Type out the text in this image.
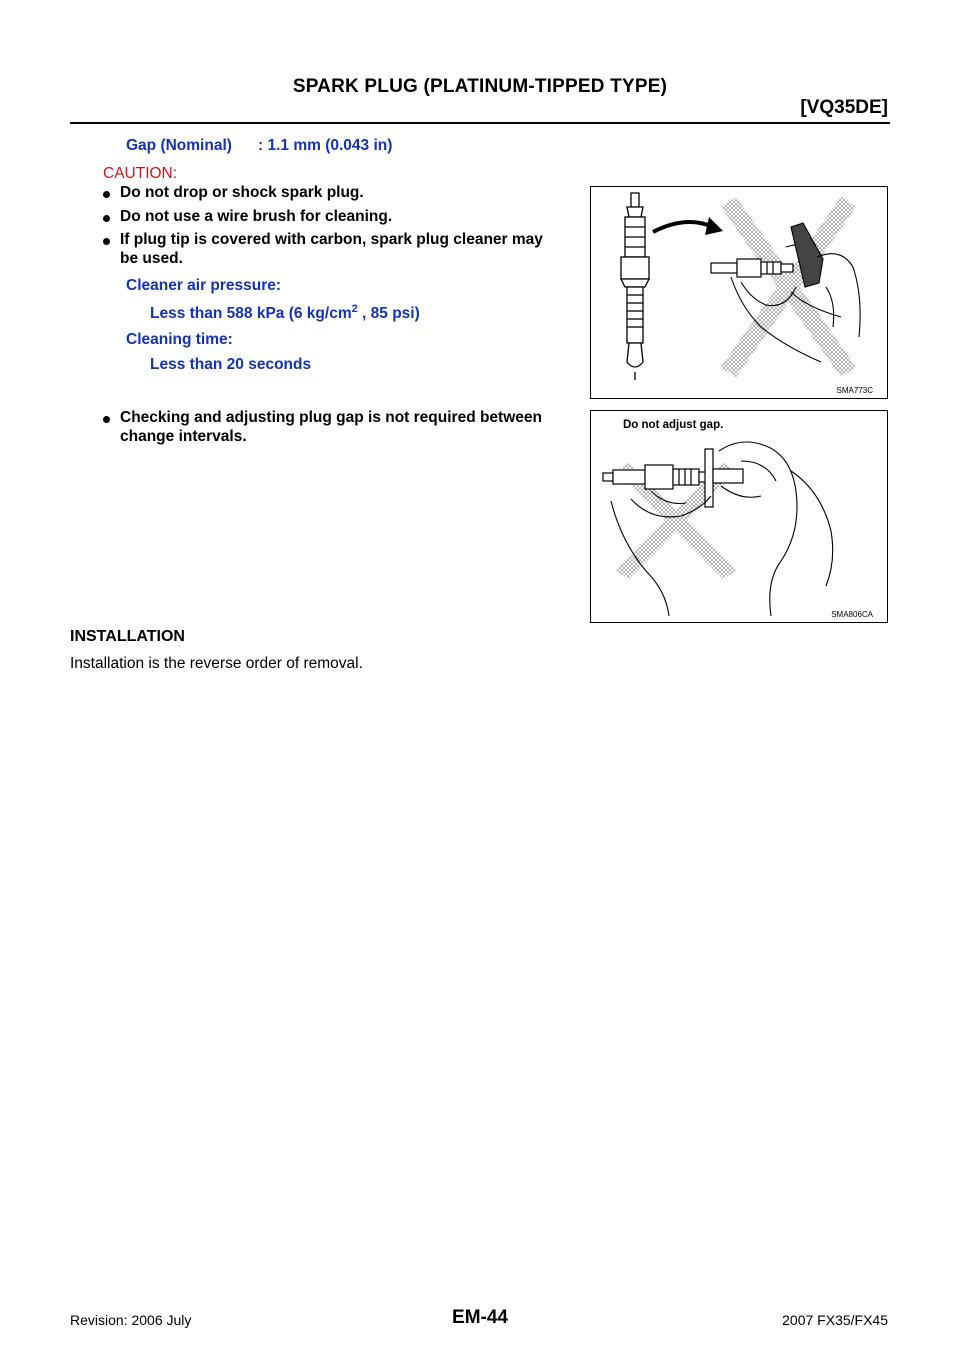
SPARK PLUG (PLATINUM-TIPPED TYPE)
[VQ35DE]
Gap (Nominal) : 1.1 mm (0.043 in)
CAUTION:
Do not drop or shock spark plug.
Do not use a wire brush for cleaning.
If plug tip is covered with carbon, spark plug cleaner may
be used.
Cleaner air pressure:
Less than 588 kPa (6 $kg/cm^2$ , 85 psi)
Cleaning time:
Less than 20 seconds
Checking and adjusting plug gap is not required between
change intervals.
SMA773C
Do not adjust gap.
SMA806CA
INSTALLATION
Installation is the reverse order of removal.
Revision: 2006 July	EM-44	2007 FX35/FX45
